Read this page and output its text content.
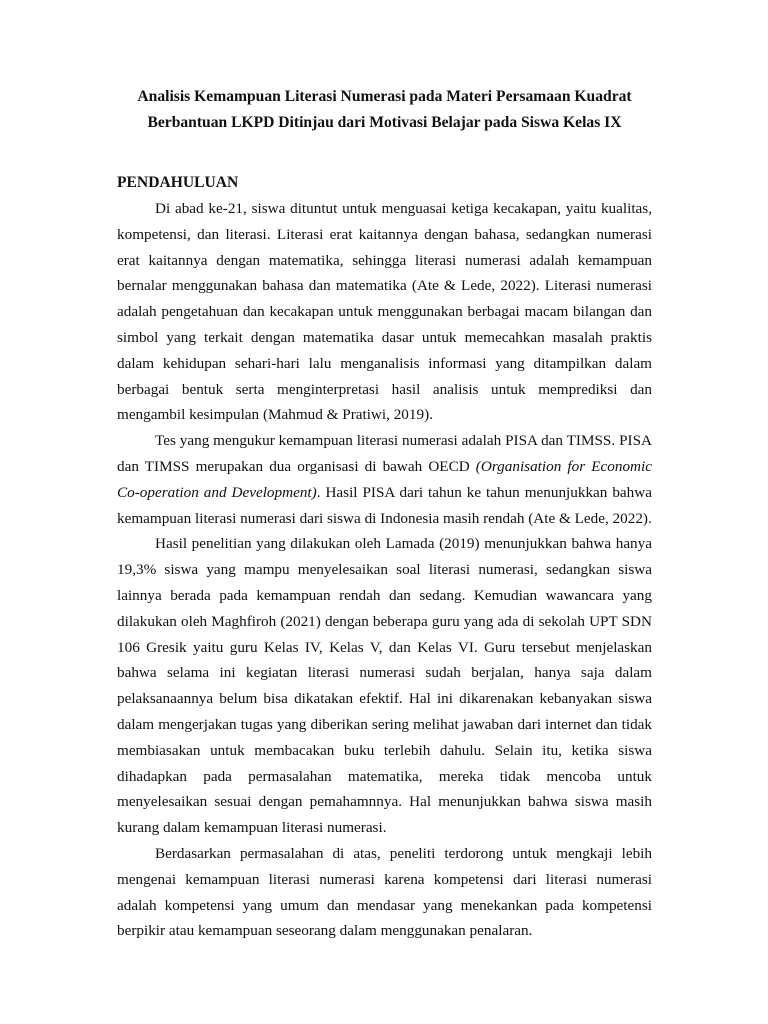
Analisis Kemampuan Literasi Numerasi pada Materi Persamaan Kuadrat
Berbantuan LKPD Ditinjau dari Motivasi Belajar pada Siswa Kelas IX
PENDAHULUAN

Di abad ke-21, siswa dituntut untuk menguasai ketiga kecakapan, yaitu kualitas, kompetensi, dan literasi. Literasi erat kaitannya dengan bahasa, sedangkan numerasi erat kaitannya dengan matematika, sehingga literasi numerasi adalah kemampuan bernalar menggunakan bahasa dan matematika (Ate & Lede, 2022). Literasi numerasi adalah pengetahuan dan kecakapan untuk menggunakan berbagai macam bilangan dan simbol yang terkait dengan matematika dasar untuk memecahkan masalah praktis dalam kehidupan sehari-hari lalu menganalisis informasi yang ditampilkan dalam berbagai bentuk serta menginterpretasi hasil analisis untuk memprediksi dan mengambil kesimpulan (Mahmud & Pratiwi, 2019).

Tes yang mengukur kemampuan literasi numerasi adalah PISA dan TIMSS. PISA dan TIMSS merupakan dua organisasi di bawah OECD (Organisation for Economic Co-operation and Development). Hasil PISA dari tahun ke tahun menunjukkan bahwa kemampuan literasi numerasi dari siswa di Indonesia masih rendah (Ate & Lede, 2022).

Hasil penelitian yang dilakukan oleh Lamada (2019) menunjukkan bahwa hanya 19,3% siswa yang mampu menyelesaikan soal literasi numerasi, sedangkan siswa lainnya berada pada kemampuan rendah dan sedang. Kemudian wawancara yang dilakukan oleh Maghfiroh (2021) dengan beberapa guru yang ada di sekolah UPT SDN 106 Gresik yaitu guru Kelas IV, Kelas V, dan Kelas VI. Guru tersebut menjelaskan bahwa selama ini kegiatan literasi numerasi sudah berjalan, hanya saja dalam pelaksanaannya belum bisa dikatakan efektif. Hal ini dikarenakan kebanyakan siswa dalam mengerjakan tugas yang diberikan sering melihat jawaban dari internet dan tidak membiasakan untuk membacakan buku terlebih dahulu. Selain itu, ketika siswa dihadapkan pada permasalahan matematika, mereka tidak mencoba untuk menyelesaikan sesuai dengan pemahamnnya. Hal menunjukkan bahwa siswa masih kurang dalam kemampuan literasi numerasi.

Berdasarkan permasalahan di atas, peneliti terdorong untuk mengkaji lebih mengenai kemampuan literasi numerasi karena kompetensi dari literasi numerasi adalah kompetensi yang umum dan mendasar yang menekankan pada kompetensi berpikir atau kemampuan seseorang dalam menggunakan penalaran.
